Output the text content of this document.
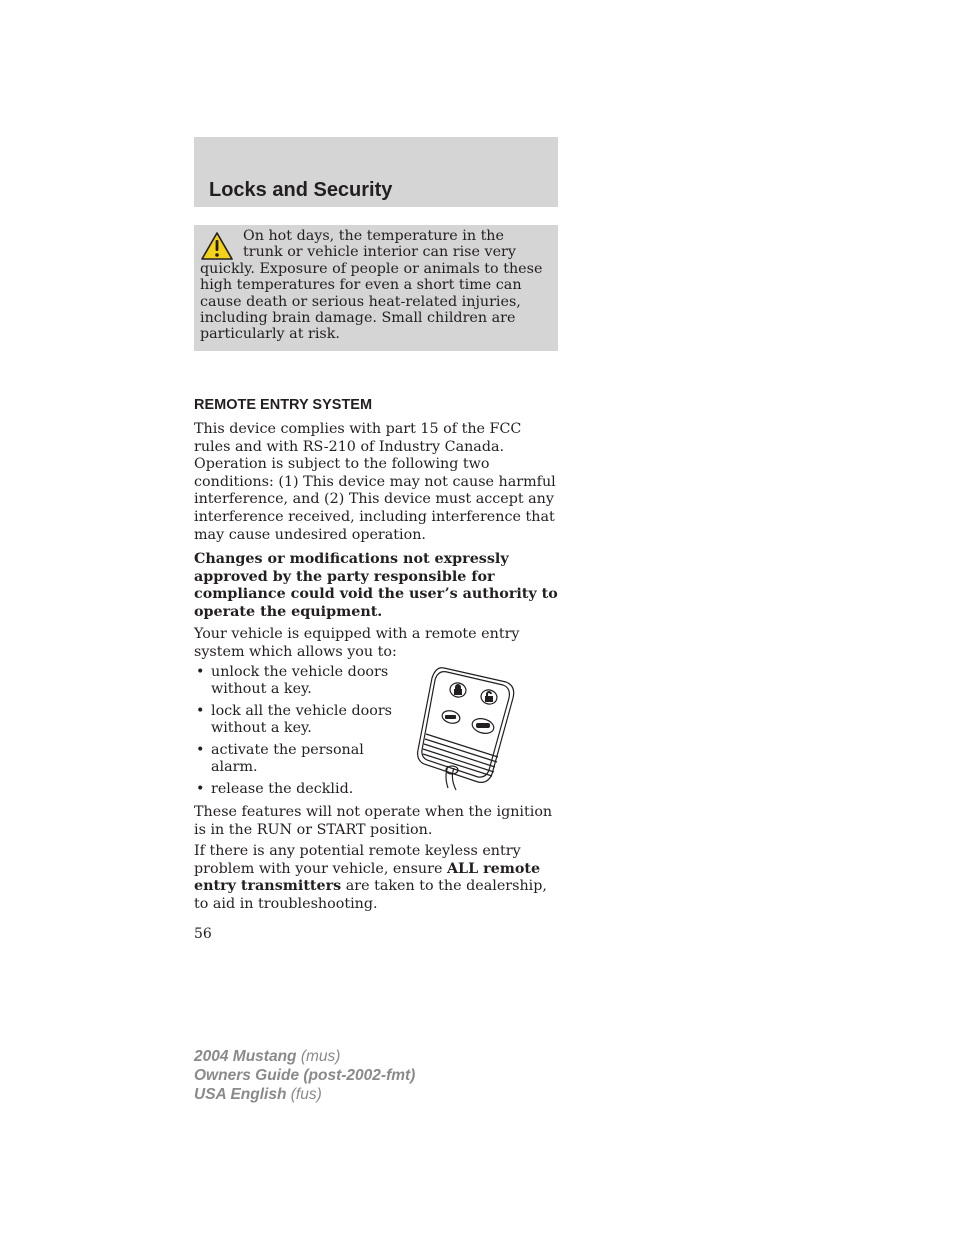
Locks and Security

On hot days, the temperature in the trunk or vehicle interior can rise very quickly. Exposure of people or animals to these high temperatures for even a short time can cause death or serious heat-related injuries, including brain damage. Small children are particularly at risk.

REMOTE ENTRY SYSTEM

This device complies with part 15 of the FCC rules and with RS-210 of Industry Canada. Operation is subject to the following two conditions: (1) This device may not cause harmful interference, and (2) This device must accept any interference received, including interference that may cause undesired operation.

Changes or modifications not expressly approved by the party responsible for compliance could void the user’s authority to operate the equipment.

Your vehicle is equipped with a remote entry system which allows you to:

• unlock the vehicle doors without a key.
• lock all the vehicle doors without a key.
• activate the personal alarm.
• release the decklid.

These features will not operate when the ignition is in the RUN or START position.

If there is any potential remote keyless entry problem with your vehicle, ensure ALL remote entry transmitters are taken to the dealership, to aid in troubleshooting.

56

2004 Mustang (mus)
Owners Guide (post-2002-fmt)
USA English (fus)
